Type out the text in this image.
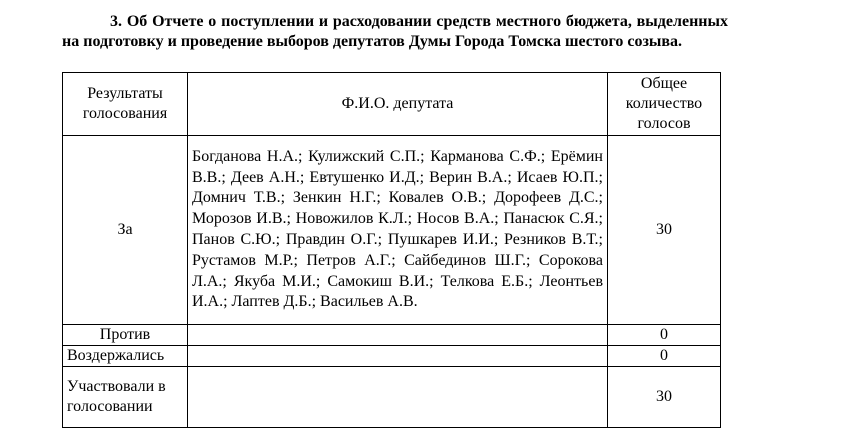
3. Об Отчете о поступлении и расходовании средств местного бюджета, выделенных на подготовку и проведение выборов депутатов Думы Города Томска шестого созыва.
Результаты голосования	Ф.И.О. депутата	Общее количество голосов
За	Богданова Н.А.; Кулижский С.П.; Карманова С.Ф.; Ерёмин В.В.; Деев А.Н.; Евтушенко И.Д.; Верин В.А.; Исаев Ю.П.; Домнич Т.В.; Зенкин Н.Г.; Ковалев О.В.; Дорофеев Д.С.; Морозов И.В.; Новожилов К.Л.; Носов В.А.; Панасюк С.Я.; Панов С.Ю.; Правдин О.Г.; Пушкарев И.И.; Резников В.Т.; Рустамов М.Р.; Петров А.Г.; Сайбединов Ш.Г.; Сорокова Л.А.; Якуба М.И.; Самокиш В.И.; Телкова Е.Б.; Леонтьев И.А.; Лаптев Д.Б.; Васильев А.В.	30
Против		0
Воздержались		0
Участвовали в голосовании		30
